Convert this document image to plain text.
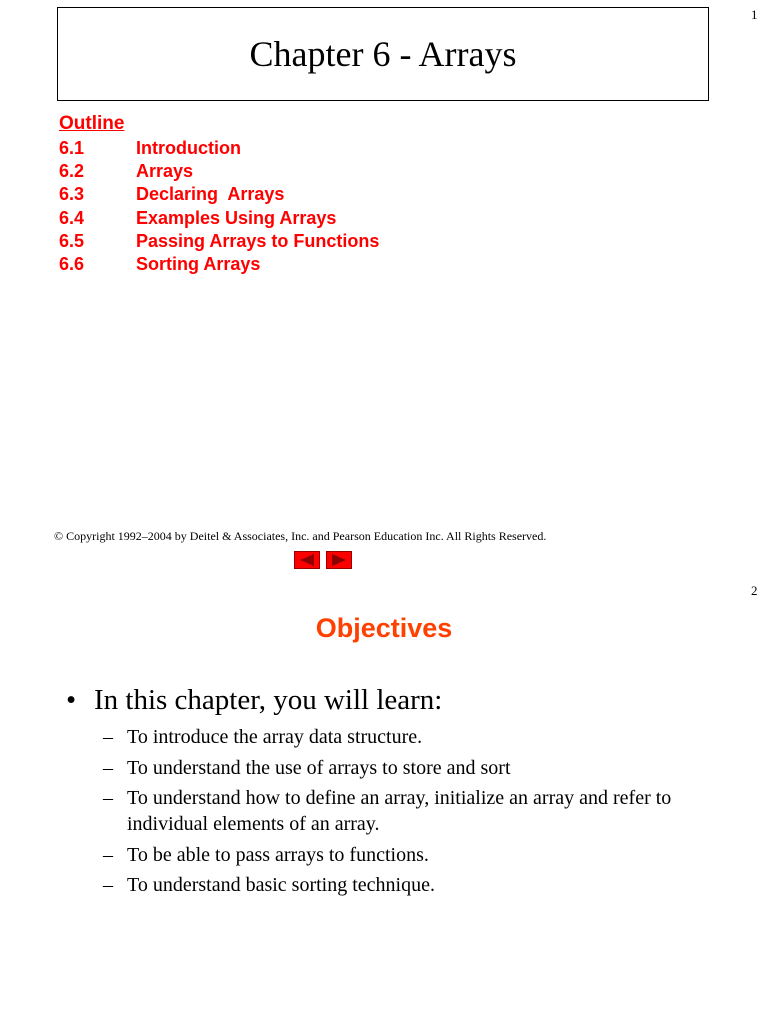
1
Chapter 6 - Arrays
Outline
6.1	Introduction
6.2	Arrays
6.3	Declaring  Arrays
6.4	Examples Using Arrays
6.5	Passing Arrays to Functions
6.6	Sorting Arrays
© Copyright 1992–2004 by Deitel & Associates, Inc. and Pearson Education Inc. All Rights Reserved.
2
Objectives
• In this chapter, you will learn:
– To introduce the array data structure.
– To understand the use of arrays to store and sort
– To understand how to define an array, initialize an array and refer to individual elements of an array.
– To be able to pass arrays to functions.
– To understand basic sorting technique.
